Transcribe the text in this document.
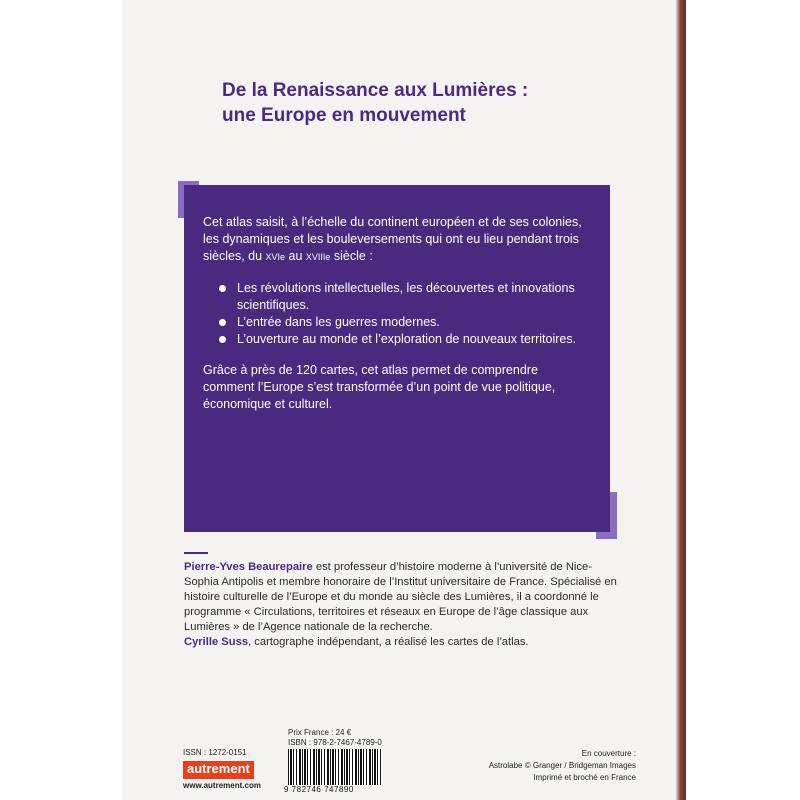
De la Renaissance aux Lumières :
une Europe en mouvement

Cet atlas saisit, à l’échelle du continent européen et de ses colonies, les dynamiques et les bouleversements qui ont eu lieu pendant trois siècles, du XVIe au XVIIIe siècle :

Les révolutions intellectuelles, les découvertes et innovations scientifiques.
L’entrée dans les guerres modernes.
L’ouverture au monde et l’exploration de nouveaux territoires.

Grâce à près de 120 cartes, cet atlas permet de comprendre comment l’Europe s’est transformée d’un point de vue politique, économique et culturel.

Pierre-Yves Beaurepaire est professeur d’histoire moderne à l’université de Nice-Sophia Antipolis et membre honoraire de l’Institut universitaire de France. Spécialisé en histoire culturelle de l’Europe et du monde au siècle des Lumières, il a coordonné le programme « Circulations, territoires et réseaux en Europe de l’âge classique aux Lumières » de l’Agence nationale de la recherche.

Cyrille Suss, cartographe indépendant, a réalisé les cartes de l’atlas.

ISSN : 1272-0151
autrement
www.autrement.com
Prix France : 24 €
ISBN : 978-2-7467-4789-0
9 782746 747890
En couverture :
Astrolabe © Granger / Bridgeman Images
Imprimé et broché en France
